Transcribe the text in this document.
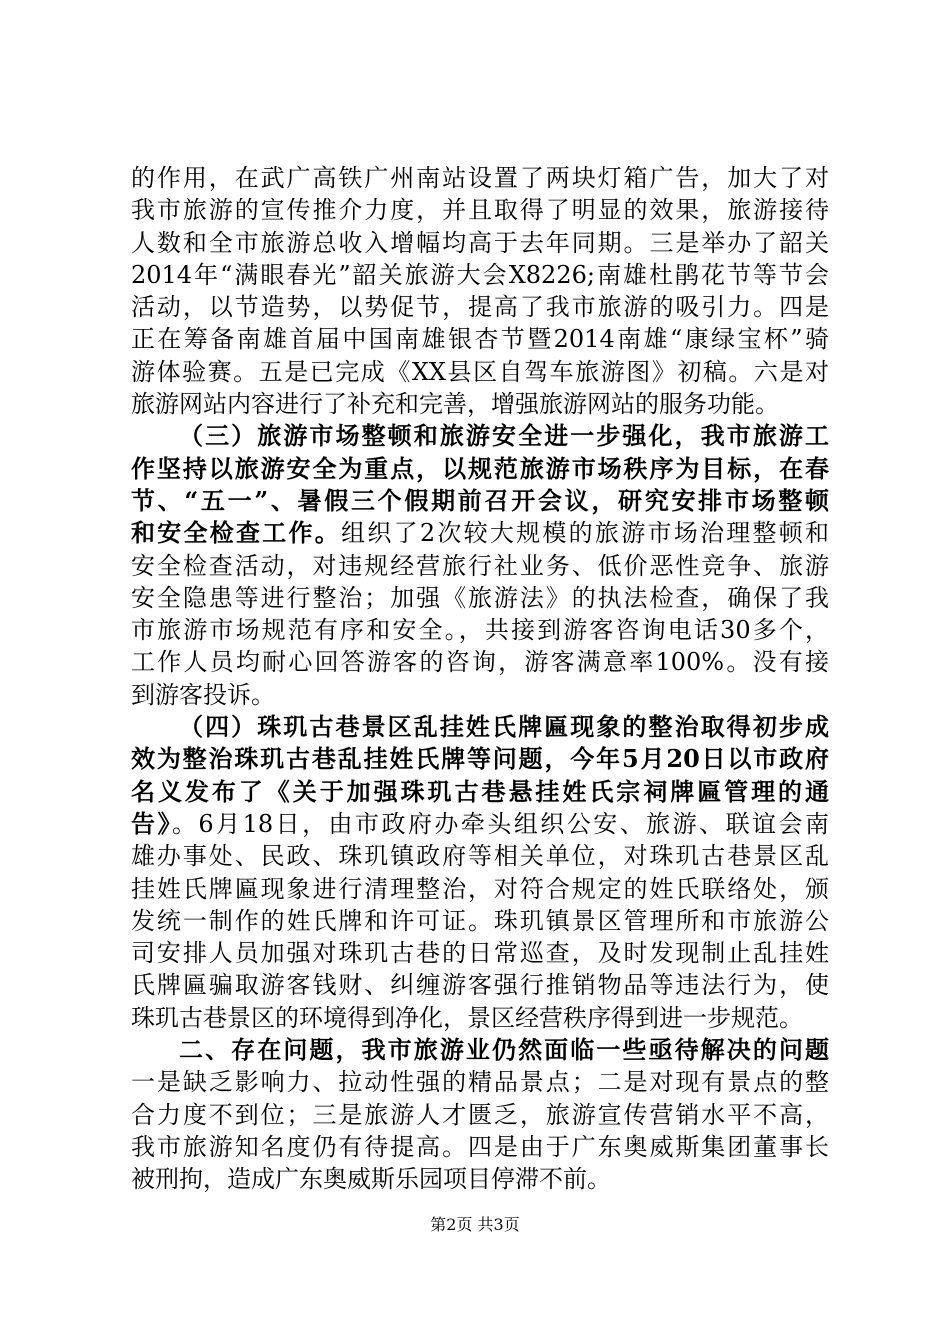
的作用，在武广高铁广州南站设置了两块灯箱广告，加大了对
我市旅游的宣传推介力度，并且取得了明显的效果，旅游接待
人数和全市旅游总收入增幅均高于去年同期。三是举办了韶关
2014年“满眼春光”韶关旅游大会X8226;南雄杜鹃花节等节会
活动，以节造势，以势促节，提高了我市旅游的吸引力。四是
正在筹备南雄首届中国南雄银杏节暨2014南雄“康绿宝杯”骑
游体验赛。五是已完成《XX县区自驾车旅游图》初稿。六是对
旅游网站内容进行了补充和完善，增强旅游网站的服务功能。
（三）旅游市场整顿和旅游安全进一步强化，我市旅游工
作坚持以旅游安全为重点，以规范旅游市场秩序为目标，在春
节、“五一”、暑假三个假期前召开会议，研究安排市场整顿
和安全检查工作。组织了2次较大规模的旅游市场治理整顿和
安全检查活动，对违规经营旅行社业务、低价恶性竞争、旅游
安全隐患等进行整治；加强《旅游法》的执法检查，确保了我
市旅游市场规范有序和安全。，共接到游客咨询电话30多个，
工作人员均耐心回答游客的咨询，游客满意率100%。没有接
到游客投诉。
（四）珠玑古巷景区乱挂姓氏牌匾现象的整治取得初步成
效为整治珠玑古巷乱挂姓氏牌等问题，今年5月20日以市政府
名义发布了《关于加强珠玑古巷悬挂姓氏宗祠牌匾管理的通
告》。6月18日，由市政府办牵头组织公安、旅游、联谊会南
雄办事处、民政、珠玑镇政府等相关单位，对珠玑古巷景区乱
挂姓氏牌匾现象进行清理整治，对符合规定的姓氏联络处，颁
发统一制作的姓氏牌和许可证。珠玑镇景区管理所和市旅游公
司安排人员加强对珠玑古巷的日常巡查，及时发现制止乱挂姓
氏牌匾骗取游客钱财、纠缠游客强行推销物品等违法行为，使
珠玑古巷景区的环境得到净化，景区经营秩序得到进一步规范。
二、存在问题，我市旅游业仍然面临一些亟待解决的问题
一是缺乏影响力、拉动性强的精品景点；二是对现有景点的整
合力度不到位；三是旅游人才匮乏，旅游宣传营销水平不高，
我市旅游知名度仍有待提高。四是由于广东奥威斯集团董事长
被刑拘，造成广东奥威斯乐园项目停滞不前。
第2页 共3页
